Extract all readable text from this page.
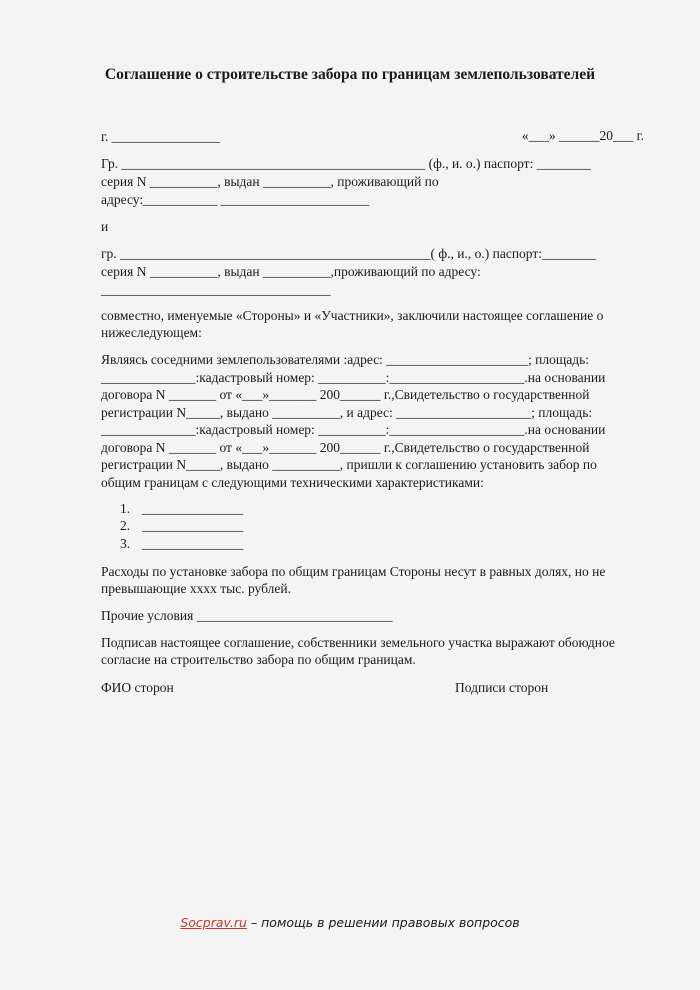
Соглашение о строительстве забора по границам землепользователей
г. ________________	«___» ______20___ г.
Гр. _____________________________________________ (ф., и. о.) паспорт: ________
серия N __________, выдан __________, проживающий по
адресу:___________ ______________________
и
гр. ______________________________________________( ф., и., о.) паспорт:________
серия N __________, выдан __________,проживающий по адресу:
__________________________________
совместно, именуемые «Стороны» и «Участники», заключили настоящее соглашение о
нижеследующем:
Являясь соседними землепользователями :адрес: _____________________; площадь:
______________:кадастровый номер: __________:____________________.на основании
договора N _______ от «___»_______ 200______ г.,Свидетельство о государственной
регистрации N_____, выдано __________, и адрес: ____________________; площадь:
______________:кадастровый номер: __________:____________________.на основании
договора N _______ от «___»_______ 200______ г.,Свидетельство о государственной
регистрации N_____, выдано __________, пришли к соглашению установить забор по
общим границам с следующими техническими характеристиками:
1. _______________
2. _______________
3. _______________
Расходы по установке забора по общим границам Стороны несут в равных долях, но не
превышающие хххх тыс. рублей.
Прочие условия _____________________________
Подписав настоящее соглашение, собственники земельного участка выражают обоюдное
согласие на строительство забора по общим границам.
ФИО сторон	Подписи сторон
Socprav.ru – помощь в решении правовых вопросов
